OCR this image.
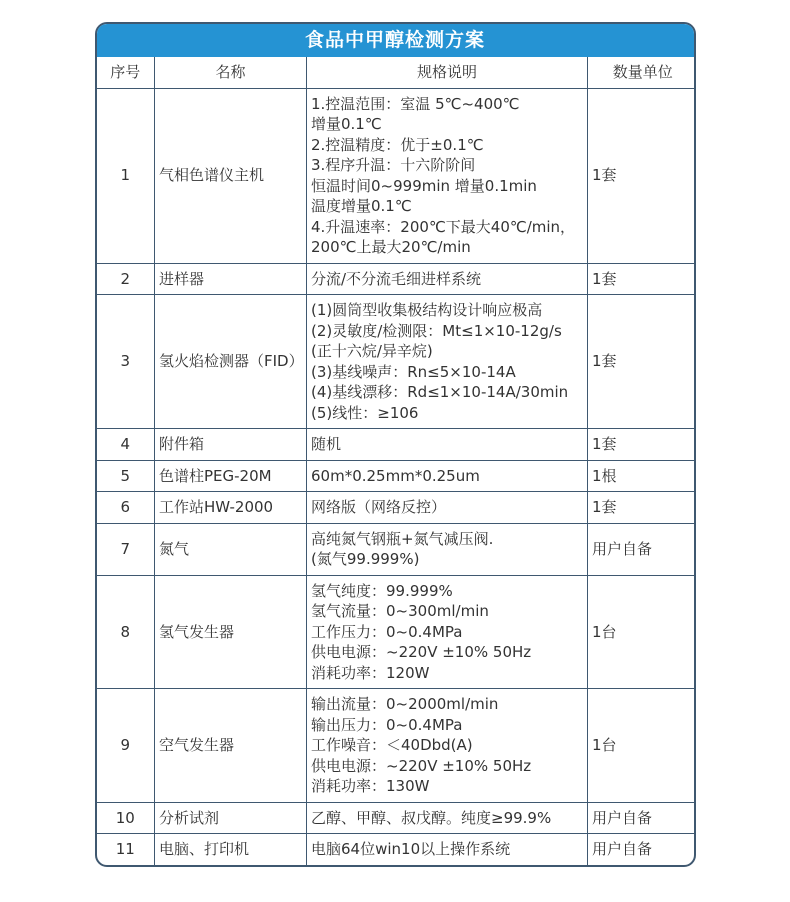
食品中甲醇检测方案
序号	名称	规格说明	数量单位
1	气相色谱仪主机	
1.控温范围：室温 5℃~400℃
增量0.1℃
2.控温精度：优于±0.1℃
3.程序升温：十六阶阶间
恒温时间0~999min 增量0.1min
温度增量0.1℃
4.升温速率：200℃下最大40℃/min，
200℃上最大20℃/min
	1套
2	进样器	分流/不分流毛细进样系统	1套
3	氢火焰检测器（FID）	
(1)圆筒型收集极结构设计响应极高
(2)灵敏度/检测限：Mt≤1×10-12g/s
(正十六烷/异辛烷)
(3)基线噪声：Rn≤5×10-14A
(4)基线漂移：Rd≤1×10-14A/30min
(5)线性：≥106
	1套
4	附件箱	随机	1套
5	色谱柱PEG-20M	60m*0.25mm*0.25um	1根
6	工作站HW-2000	网络版（网络反控）	1套
7	氮气	高纯氮气钢瓶+氮气减压阀.
(氮气99.999%)	用户自备
8	氢气发生器	氢气纯度：99.999%
氢气流量：0~300ml/min
工作压力：0~0.4MPa
供电电源：~220V ±10% 50Hz
消耗功率：120W	1台
9	空气发生器	输出流量：0~2000ml/min
输出压力：0~0.4MPa
工作噪音：＜40Dbd(A)
供电电源：~220V ±10% 50Hz
消耗功率：130W	1台
10	分析试剂	乙醇、甲醇、叔戊醇。纯度≥99.9%	用户自备
11	电脑、打印机	电脑64位win10以上操作系统	用户自备
